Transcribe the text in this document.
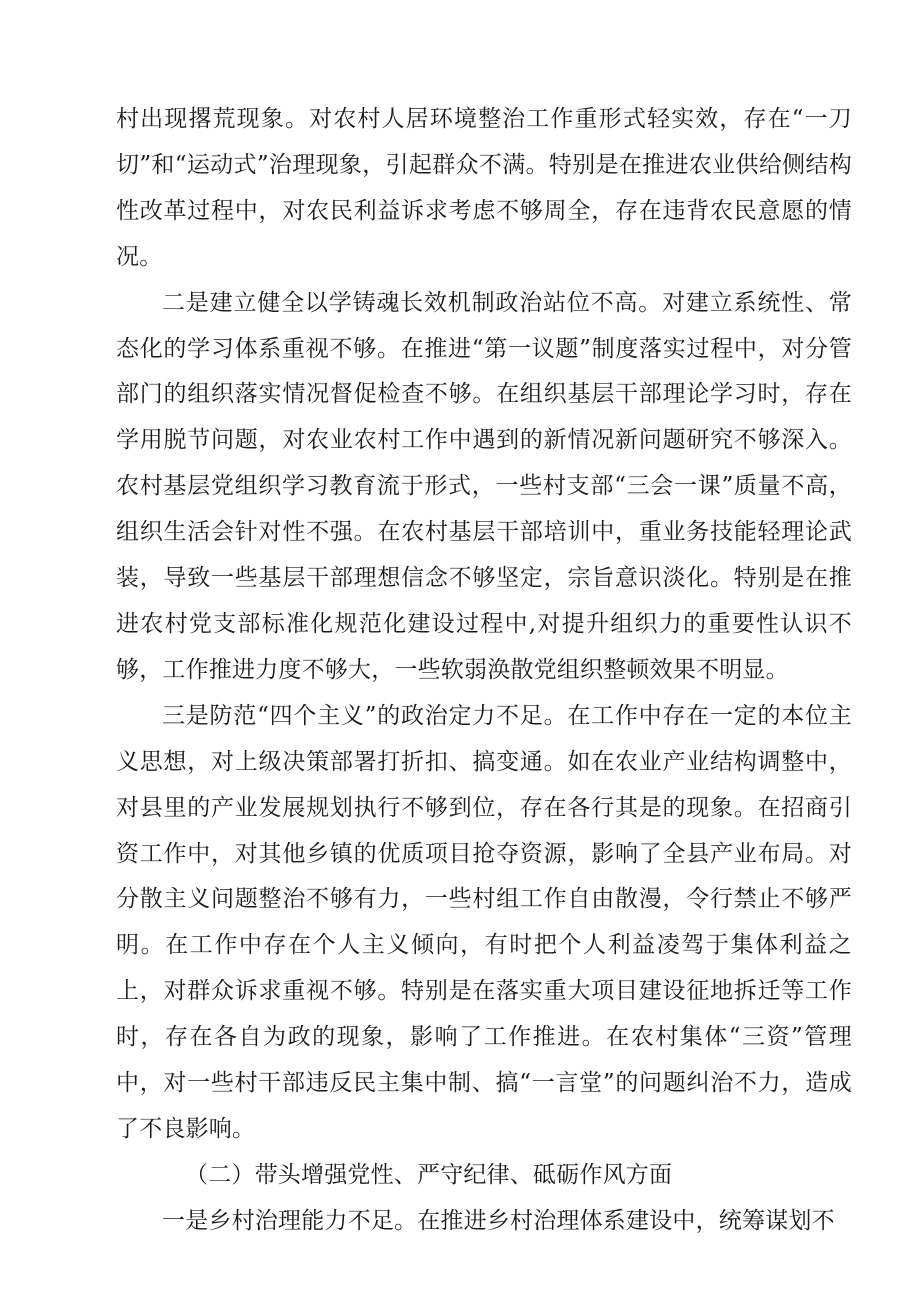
村出现撂荒现象。对农村人居环境整治工作重形式轻实效，存在“一刀切”和“运动式”治理现象，引起群众不满。特别是在推进农业供给侧结构性改革过程中，对农民利益诉求考虑不够周全，存在违背农民意愿的情况。

二是建立健全以学铸魂长效机制政治站位不高。对建立系统性、常态化的学习体系重视不够。在推进“第一议题”制度落实过程中，对分管部门的组织落实情况督促检查不够。在组织基层干部理论学习时，存在学用脱节问题，对农业农村工作中遇到的新情况新问题研究不够深入。农村基层党组织学习教育流于形式，一些村支部“三会一课”质量不高，组织生活会针对性不强。在农村基层干部培训中，重业务技能轻理论武装，导致一些基层干部理想信念不够坚定，宗旨意识淡化。特别是在推进农村党支部标准化规范化建设过程中,对提升组织力的重要性认识不够，工作推进力度不够大，一些软弱涣散党组织整顿效果不明显。

三是防范“四个主义”的政治定力不足。在工作中存在一定的本位主义思想，对上级决策部署打折扣、搞变通。如在农业产业结构调整中，对县里的产业发展规划执行不够到位，存在各行其是的现象。在招商引资工作中，对其他乡镇的优质项目抢夺资源，影响了全县产业布局。对分散主义问题整治不够有力，一些村组工作自由散漫，令行禁止不够严明。在工作中存在个人主义倾向，有时把个人利益凌驾于集体利益之上，对群众诉求重视不够。特别是在落实重大项目建设征地拆迁等工作时，存在各自为政的现象，影响了工作推进。在农村集体“三资”管理中，对一些村干部违反民主集中制、搞“一言堂”的问题纠治不力，造成了不良影响。

（二）带头增强党性、严守纪律、砥砺作风方面

一是乡村治理能力不足。在推进乡村治理体系建设中，统筹谋划不
